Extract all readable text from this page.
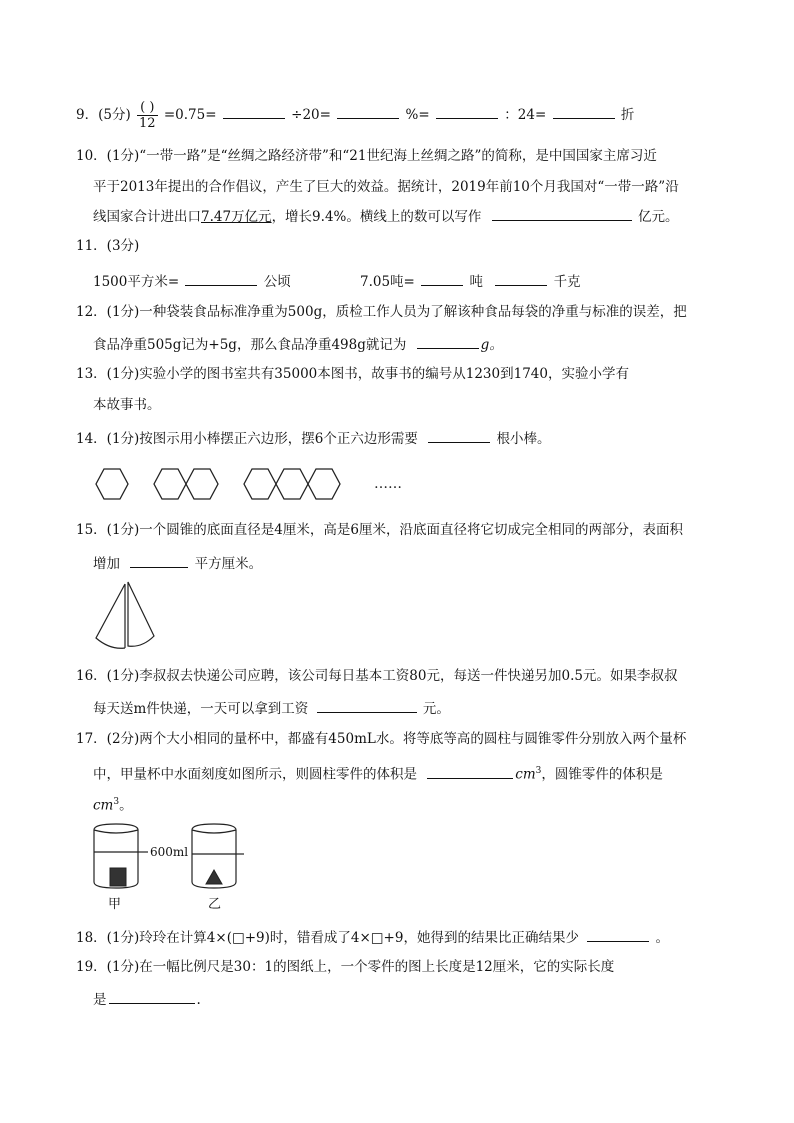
9．(5分) $\frac{( )}{12} =0.75=$	÷20=	%=	：24=	折
10．(1分)“一带一路”是“丝绸之路经济带”和“21世纪海上丝绸之路”的简称，是中国国家主席习近
平于2013年提出的合作倡议，产生了巨大的效益。据统计，2019年前10个月我国对“一带一路”沿
线国家合计进出口7.47万亿元，增长9.4%。横线上的数可以写作	亿元。
11．(3分)
1500平方米=	公顷	7.05吨=	吨	千克
12．(1分)一种袋装食品标准净重为500g，质检工作人员为了解该种食品每袋的净重与标准的误差，把
食品净重505g记为+5g，那么食品净重498g就记为	g。
13．(1分)实验小学的图书室共有35000本图书，故事书的编号从1230到1740，实验小学有
本故事书。
14．(1分)按图示用小棒摆正六边形，摆6个正六边形需要	根小棒。
……
15．(1分)一个圆锥的底面直径是4厘米，高是6厘米，沿底面直径将它切成完全相同的两部分，表面积
增加	平方厘米。
16．(1分)李叔叔去快递公司应聘，该公司每日基本工资80元，每送一件快递另加0.5元。如果李叔叔
每天送m件快递，一天可以拿到工资	元。
17．(2分)两个大小相同的量杯中，都盛有450mL水。将等底等高的圆柱与圆锥零件分别放入两个量杯
中，甲量杯中水面刻度如图所示，则圆柱零件的体积是	$cm^3$，圆锥零件的体积是
$cm^3$。
600ml
甲	乙
18．(1分)玲玲在计算4×(□+9)时，错看成了4×□+9，她得到的结果比正确结果少	。
19．(1分)在一幅比例尺是30：1的图纸上，一个零件的图上长度是12厘米，它的实际长度
是	.
